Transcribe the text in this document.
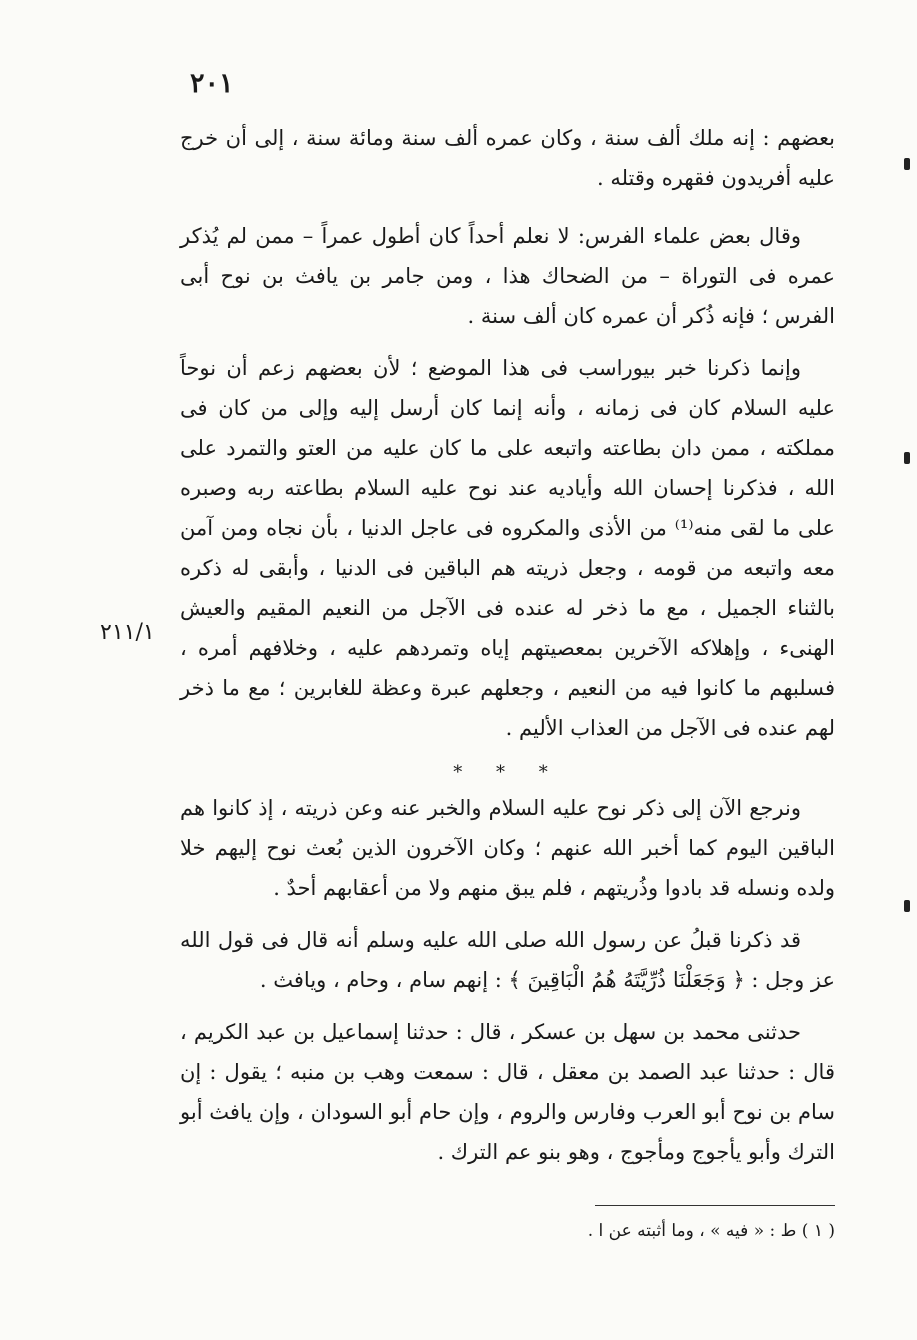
٢٠١
٢١١/١

بعضهم : إنه ملك ألف سنة ، وكان عمره ألف سنة ومائة سنة ، إلى أن خرج عليه أفريدون فقهره وقتله .

وقال بعض علماء الفرس: لا نعلم أحداً كان أطول عمراً – ممن لم يُذكر عمره فى التوراة – من الضحاك هذا ، ومن جامر بن يافث بن نوح أبى الفرس ؛ فإنه ذُكر أن عمره كان ألف سنة .

وإنما ذكرنا خبر بيوراسب فى هذا الموضع ؛ لأن بعضهم زعم أن نوحاً عليه السلام كان فى زمانه ، وأنه إنما كان أرسل إليه وإلى من كان فى مملكته ، ممن دان بطاعته واتبعه على ما كان عليه من العتو والتمرد على الله ، فذكرنا إحسان الله وأياديه عند نوح عليه السلام بطاعته ربه وصبره على ما لقى منه⁽¹⁾ من الأذى والمكروه فى عاجل الدنيا ، بأن نجاه ومن آمن معه واتبعه من قومه ، وجعل ذريته هم الباقين فى الدنيا ، وأبقى له ذكره بالثناء الجميل ، مع ما ذخر له عنده فى الآجل من النعيم المقيم والعيش الهنىء ، وإهلاكه الآخرين بمعصيتهم إياه وتمردهم عليه ، وخلافهم أمره ، فسلبهم ما كانوا فيه من النعيم ، وجعلهم عبرة وعظة للغابرين ؛ مع ما ذخر لهم عنده فى الآجل من العذاب الأليم .

* * *

ونرجع الآن إلى ذكر نوح عليه السلام والخبر عنه وعن ذريته ، إذ كانوا هم الباقين اليوم كما أخبر الله عنهم ؛ وكان الآخرون الذين بُعث نوح إليهم خلا ولده ونسله قد بادوا وذُريتهم ، فلم يبق منهم ولا من أعقابهم أحدٌ .

قد ذكرنا قبلُ عن رسول الله صلى الله عليه وسلم أنه قال فى قول الله عز وجل : ﴿ وَجَعَلْنَا ذُرِّيَّتَهُ هُمُ الْبَاقِينَ ﴾ : إنهم سام ، وحام ، ويافث .

حدثنى محمد بن سهل بن عسكر ، قال : حدثنا إسماعيل بن عبد الكريم ، قال : حدثنا عبد الصمد بن معقل ، قال : سمعت وهب بن منبه ؛ يقول : إن سام بن نوح أبو العرب وفارس والروم ، وإن حام أبو السودان ، وإن يافث أبو الترك وأبو يأجوج ومأجوج ، وهو بنو عم الترك .

( ١ ) ط : « فيه » ، وما أثبته عن ا .
